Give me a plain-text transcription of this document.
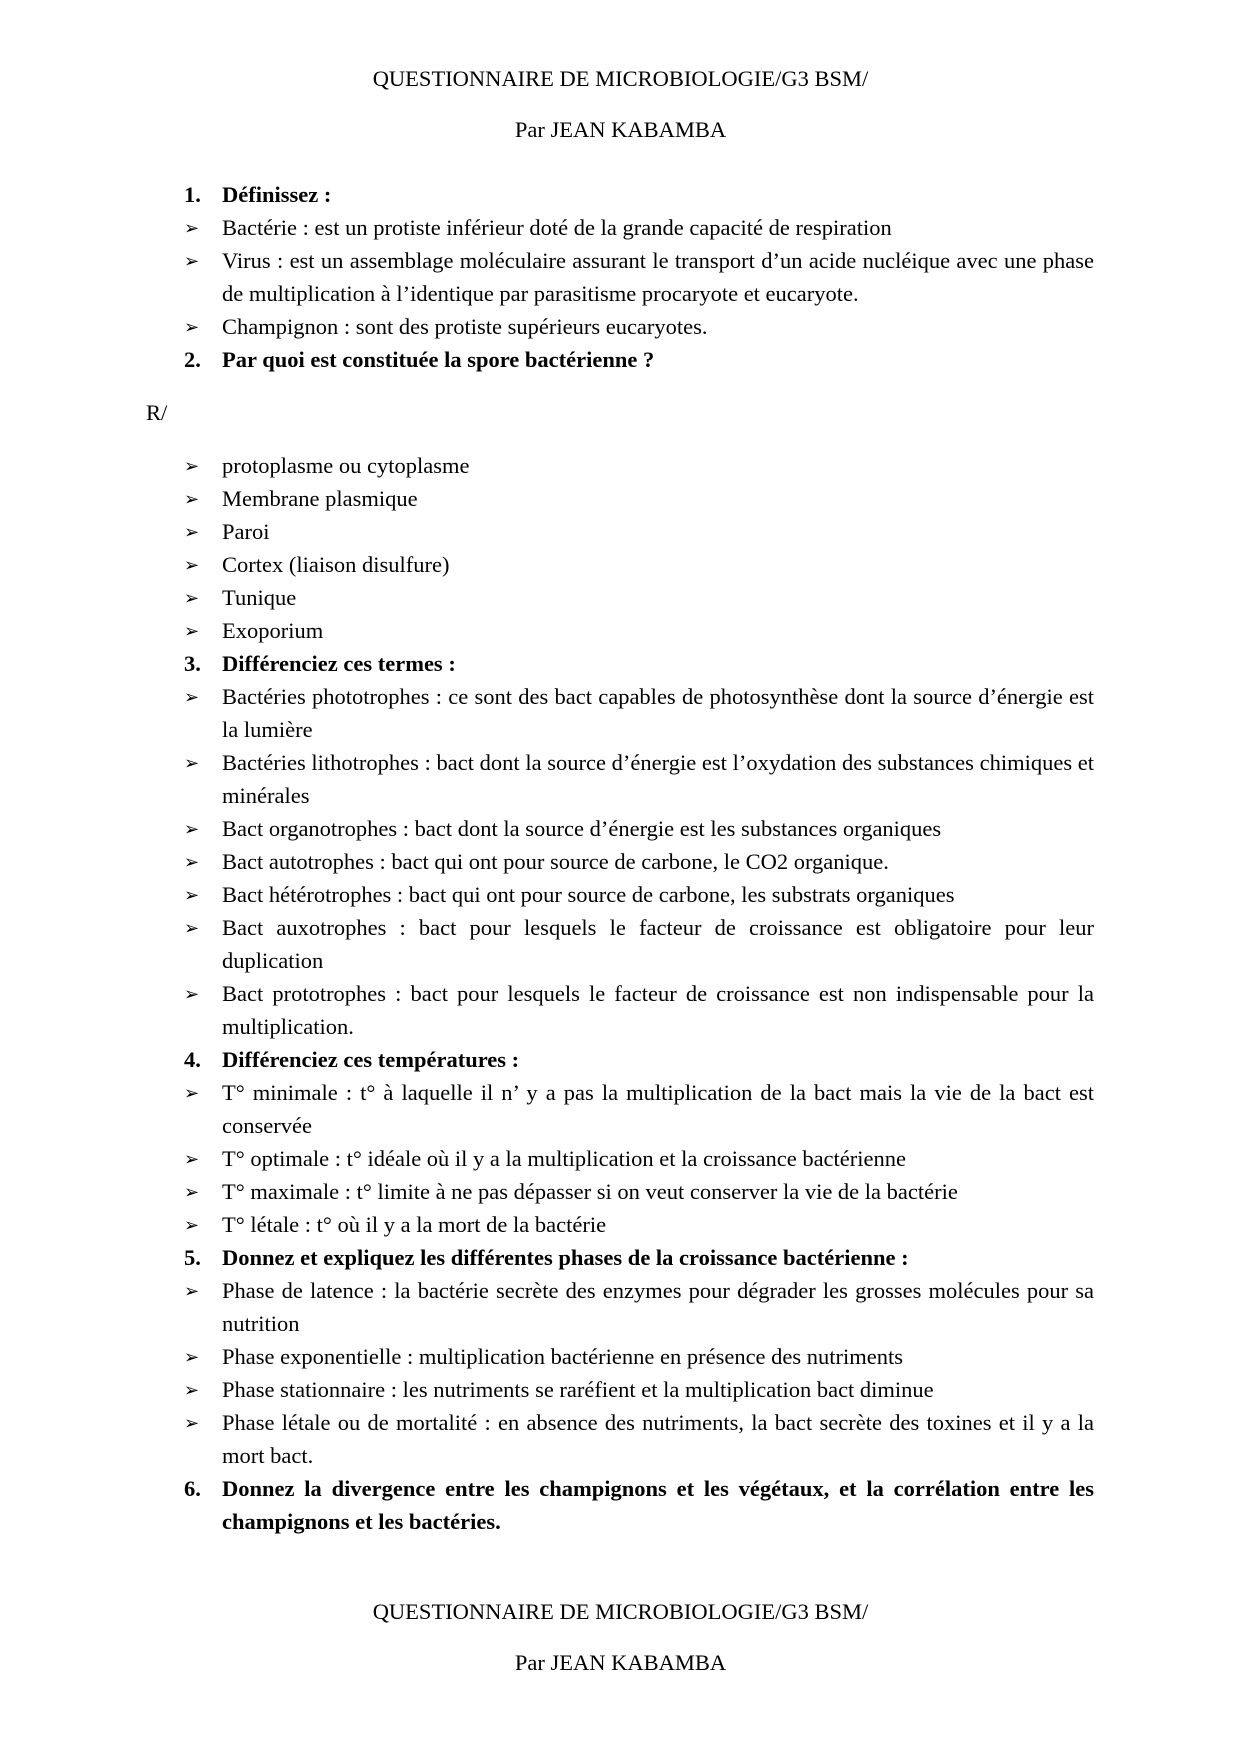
QUESTIONNAIRE DE MICROBIOLOGIE/G3 BSM/
Par JEAN KABAMBA
1. Définissez :
➢	Bactérie : est un protiste inférieur doté de la grande capacité de respiration
➢	Virus : est un assemblage moléculaire assurant le transport d’un acide nucléique avec une phase de multiplication à l’identique par parasitisme procaryote et eucaryote.
➢	Champignon : sont des protiste supérieurs eucaryotes.
2. Par quoi est constituée la spore bactérienne ?
R/
➢	protoplasme ou cytoplasme
➢	Membrane plasmique
➢	Paroi
➢	Cortex (liaison disulfure)
➢	Tunique
➢	Exoporium
3. Différenciez ces termes :
➢	Bactéries phototrophes : ce sont des bact capables de photosynthèse dont la source d’énergie est la lumière
➢	Bactéries lithotrophes : bact dont la source d’énergie est l’oxydation des substances chimiques et minérales
➢	Bact organotrophes : bact dont la source d’énergie est les substances organiques
➢	Bact autotrophes : bact qui ont pour source de carbone, le CO2 organique.
➢	Bact hétérotrophes : bact qui ont pour source de carbone, les substrats organiques
➢	Bact auxotrophes : bact pour lesquels le facteur de croissance est obligatoire pour leur duplication
➢	Bact prototrophes : bact pour lesquels le facteur de croissance est non indispensable pour la multiplication.
4. Différenciez ces températures :
➢	T° minimale : t° à laquelle il n’ y a pas la multiplication de la bact mais la vie de la bact est conservée
➢	T° optimale : t° idéale où il y a la multiplication et la croissance bactérienne
➢	T° maximale : t° limite à ne pas dépasser si on veut conserver la vie de la bactérie
➢	T° létale : t° où il y a la mort de la bactérie
5. Donnez et expliquez les différentes phases de la croissance bactérienne :
➢	Phase de latence : la bactérie secrète des enzymes pour dégrader les grosses molécules pour sa nutrition
➢	Phase exponentielle : multiplication bactérienne en présence des nutriments
➢	Phase stationnaire : les nutriments se raréfient et la multiplication bact diminue
➢	Phase létale ou de mortalité : en absence des nutriments, la bact secrète des toxines et il y a la mort bact.
6. Donnez la divergence entre les champignons et les végétaux, et la corrélation entre les champignons et les bactéries.
QUESTIONNAIRE DE MICROBIOLOGIE/G3 BSM/
Par JEAN KABAMBA
